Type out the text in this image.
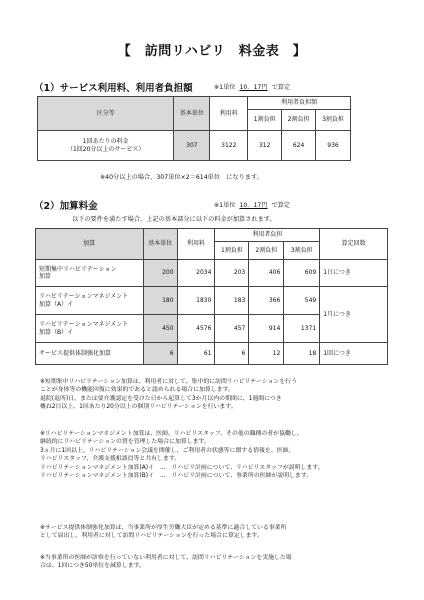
【　訪問リハビリ　料金表　】
（1）サービス利用料、利用者負担額	※1単位 10．17円 で算定
区分等	基本単位	利用料	利用者負担額		
			1割負担	2割負担	3割負担
1回あたりの料金
（1回20分以上のサービス）	307	3122	312	624	936
※40分以上の場合、307単位×2＝614単位　になります。
（2）加算料金	※1単位 10．17円 で算定
以下の要件を満たす場合、上記の基本部分に以下の料金が加算されます。
加算	基本単位	利用料	利用者負担			算定回数
			1割負担	2割負担	3割負担	
短期集中リハビリテーション
加算	200	2034	203	406	609	1日につき
リハビリテーションマネジメント
加算（A）イ	180	1830	183	366	549	1月につき
リハビリテーションマネジメント
加算（B）イ	450	4576	457	914	1371	
サービス提供体制強化加算	6	61	6	12	18	1回につき

※短期集中リハビリテーション加算は、利用者に対して、集中的に訪問リハビリテーションを行う

ことが身体等の機能回復に効果的であると認められる場合に加算します。

退院(退所)日、または要介護認定を受けた日から起算して3か月以内の期間に、1週間につき

概ね2日以上、1回あたり20分以上の個別リハビリテーションを行います。

※リハビリテーションマネジメント加算は、医師、リハビリスタッフ、その他の職種の者が協働し、

継続的にリハビリテーションの質を管理した場合に加算します。

3ヵ月に1回以上、リハビリテーション会議を開催し、ご利用者の状態等に関する情報を、医師、

リハビリスタッフ、介護支援相談員等と共有します。

リハビリテーションマネジメント加算(A)イ　…　リハビリ計画について、リハビリスタッフが説明します。

リハビリテーションマネジメント加算(B)イ　…　リハビリ計画について、事業所の医師が説明します。

※サービス提供体制強化加算は、当事業所が厚生労働大臣が定める基準に適合している事業所

として届出し、利用者に対して訪問リハビリテーションを行った場合に算定します。

※当事業所の医師が診察を行っていない利用者に対して、訪問リハビリテーションを実施した場

合は、1回につき50単位を減算します。
